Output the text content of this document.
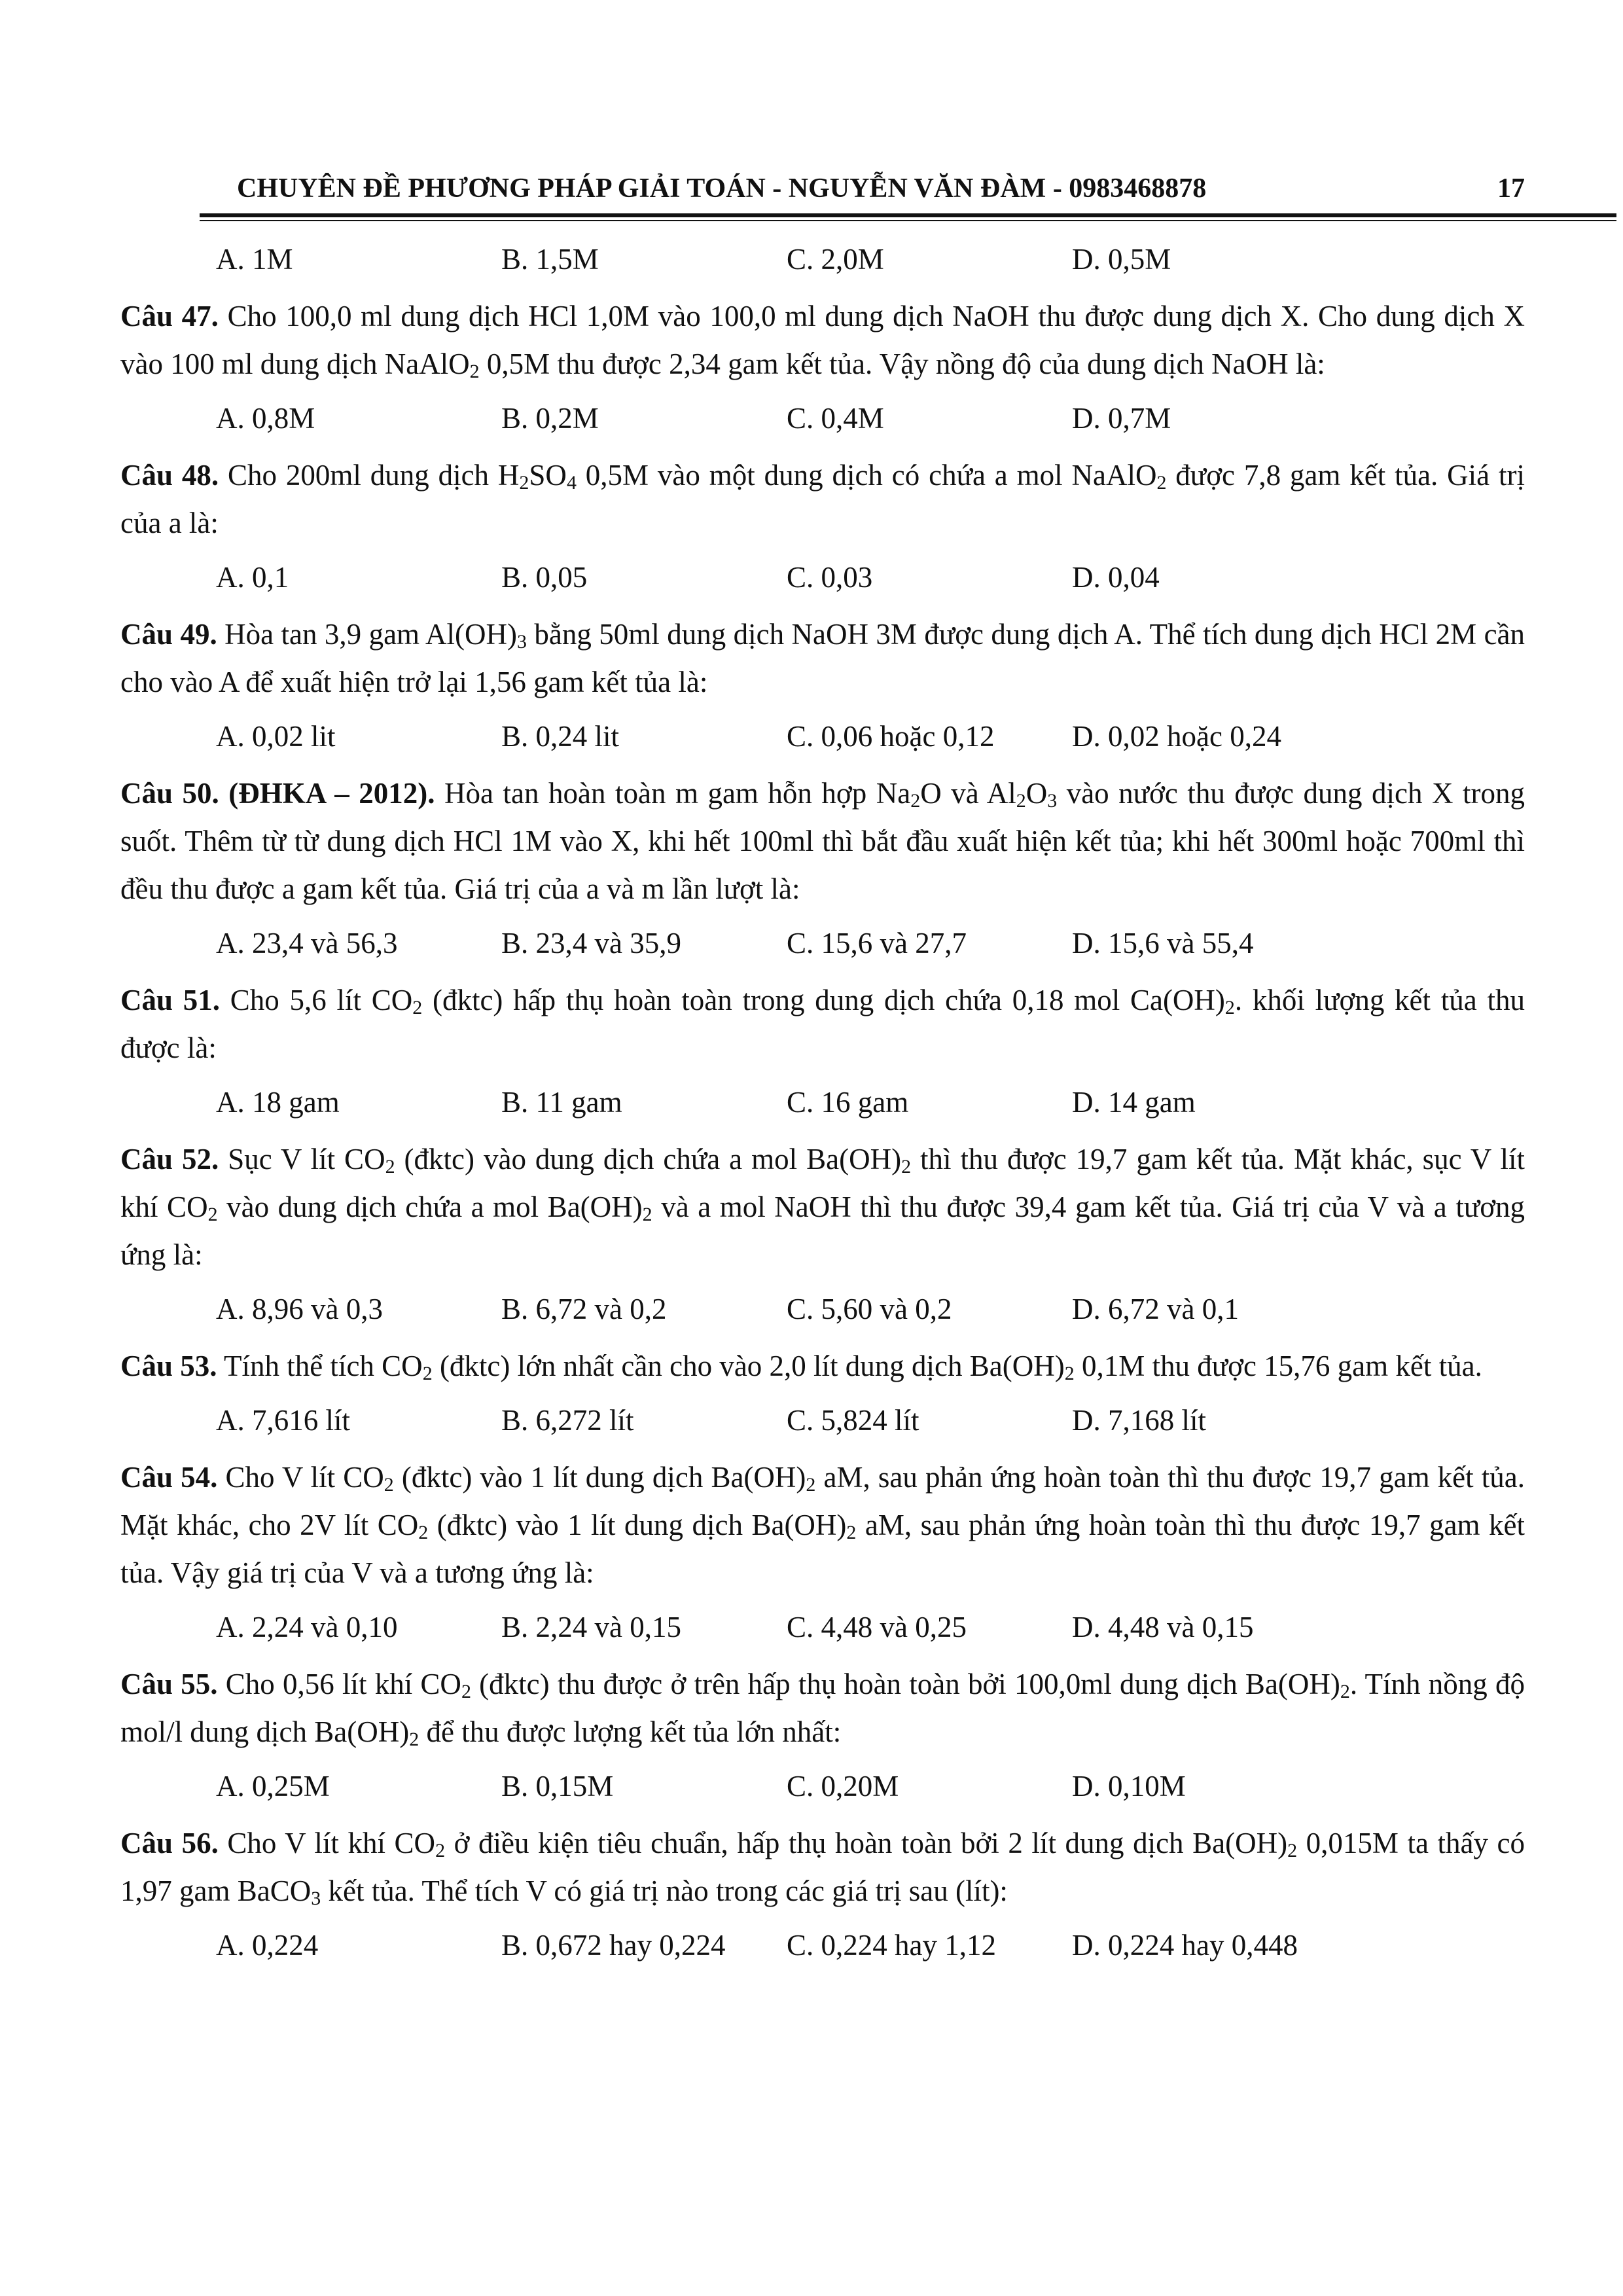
CHUYÊN ĐỀ PHƯƠNG PHÁP GIẢI TOÁN - NGUYỄN VĂN ĐÀM - 0983468878	17
A. 1M	B. 1,5M	C. 2,0M	D. 0,5M

Câu 47. Cho 100,0 ml dung dịch HCl 1,0M vào 100,0 ml dung dịch NaOH thu được dung dịch X. Cho dung dịch X vào 100 ml dung dịch NaAlO$_2$ 0,5M thu được 2,34 gam kết tủa. Vậy nồng độ của dung dịch NaOH là:

A. 0,8M	B. 0,2M	C. 0,4M	D. 0,7M

Câu 48. Cho 200ml dung dịch $H_2SO_4$ 0,5M vào một dung dịch có chứa a mol NaAlO$_2$ được 7,8 gam kết tủa. Giá trị của a là:

A. 0,1	B. 0,05	C. 0,03	D. 0,04

Câu 49. Hòa tan 3,9 gam $Al(OH)_3$ bằng 50ml dung dịch NaOH 3M được dung dịch A. Thể tích dung dịch HCl 2M cần cho vào A để xuất hiện trở lại 1,56 gam kết tủa là:

A. 0,02 lit	B. 0,24 lit	C. 0,06 hoặc 0,12	D. 0,02 hoặc 0,24

Câu 50. (ĐHKA – 2012). Hòa tan hoàn toàn m gam hỗn hợp $Na_2O$ và $Al_2O_3$ vào nước thu được dung dịch X trong suốt. Thêm từ từ dung dịch HCl 1M vào X, khi hết 100ml thì bắt đầu xuất hiện kết tủa; khi hết 300ml hoặc 700ml thì đều thu được a gam kết tủa. Giá trị của a và m lần lượt là:

A. 23,4 và 56,3	B. 23,4 và 35,9	C. 15,6 và 27,7	D. 15,6 và 55,4

Câu 51. Cho 5,6 lít $CO_2$ (đktc) hấp thụ hoàn toàn trong dung dịch chứa 0,18 mol $Ca(OH)_2$. khối lượng kết tủa thu được là:

A. 18 gam	B. 11 gam	C. 16 gam	D. 14 gam

Câu 52. Sục V lít $CO_2$ (đktc) vào dung dịch chứa a mol $Ba(OH)_2$ thì thu được 19,7 gam kết tủa. Mặt khác, sục V lít khí $CO_2$ vào dung dịch chứa a mol $Ba(OH)_2$ và a mol NaOH thì thu được 39,4 gam kết tủa. Giá trị của V và a tương ứng là:

A. 8,96 và 0,3	B. 6,72 và 0,2	C. 5,60 và 0,2	D. 6,72 và 0,1

Câu 53. Tính thể tích $CO_2$ (đktc) lớn nhất cần cho vào 2,0 lít dung dịch $Ba(OH)_2$ 0,1M thu được 15,76 gam kết tủa.

A. 7,616 lít	B. 6,272 lít	C. 5,824 lít	D. 7,168 lít

Câu 54. Cho V lít $CO_2$ (đktc) vào 1 lít dung dịch $Ba(OH)_2$ aM, sau phản ứng hoàn toàn thì thu được 19,7 gam kết tủa. Mặt khác, cho 2V lít $CO_2$ (đktc) vào 1 lít dung dịch $Ba(OH)_2$ aM, sau phản ứng hoàn toàn thì thu được 19,7 gam kết tủa. Vậy giá trị của V và a tương ứng là:

A. 2,24 và 0,10	B. 2,24 và 0,15	C. 4,48 và 0,25	D. 4,48 và 0,15

Câu 55. Cho 0,56 lít khí $CO_2$ (đktc) thu được ở trên hấp thụ hoàn toàn bởi 100,0ml dung dịch $Ba(OH)_2$. Tính nồng độ mol/l dung dịch $Ba(OH)_2$ để thu được lượng kết tủa lớn nhất:

A. 0,25M	B. 0,15M	C. 0,20M	D. 0,10M

Câu 56. Cho V lít khí $CO_2$ ở điều kiện tiêu chuẩn, hấp thụ hoàn toàn bởi 2 lít dung dịch $Ba(OH)_2$ 0,015M ta thấy có 1,97 gam BaCO$_3$ kết tủa. Thể tích V có giá trị nào trong các giá trị sau (lít):

A. 0,224	B. 0,672 hay 0,224	C. 0,224 hay 1,12	D. 0,224 hay 0,448
